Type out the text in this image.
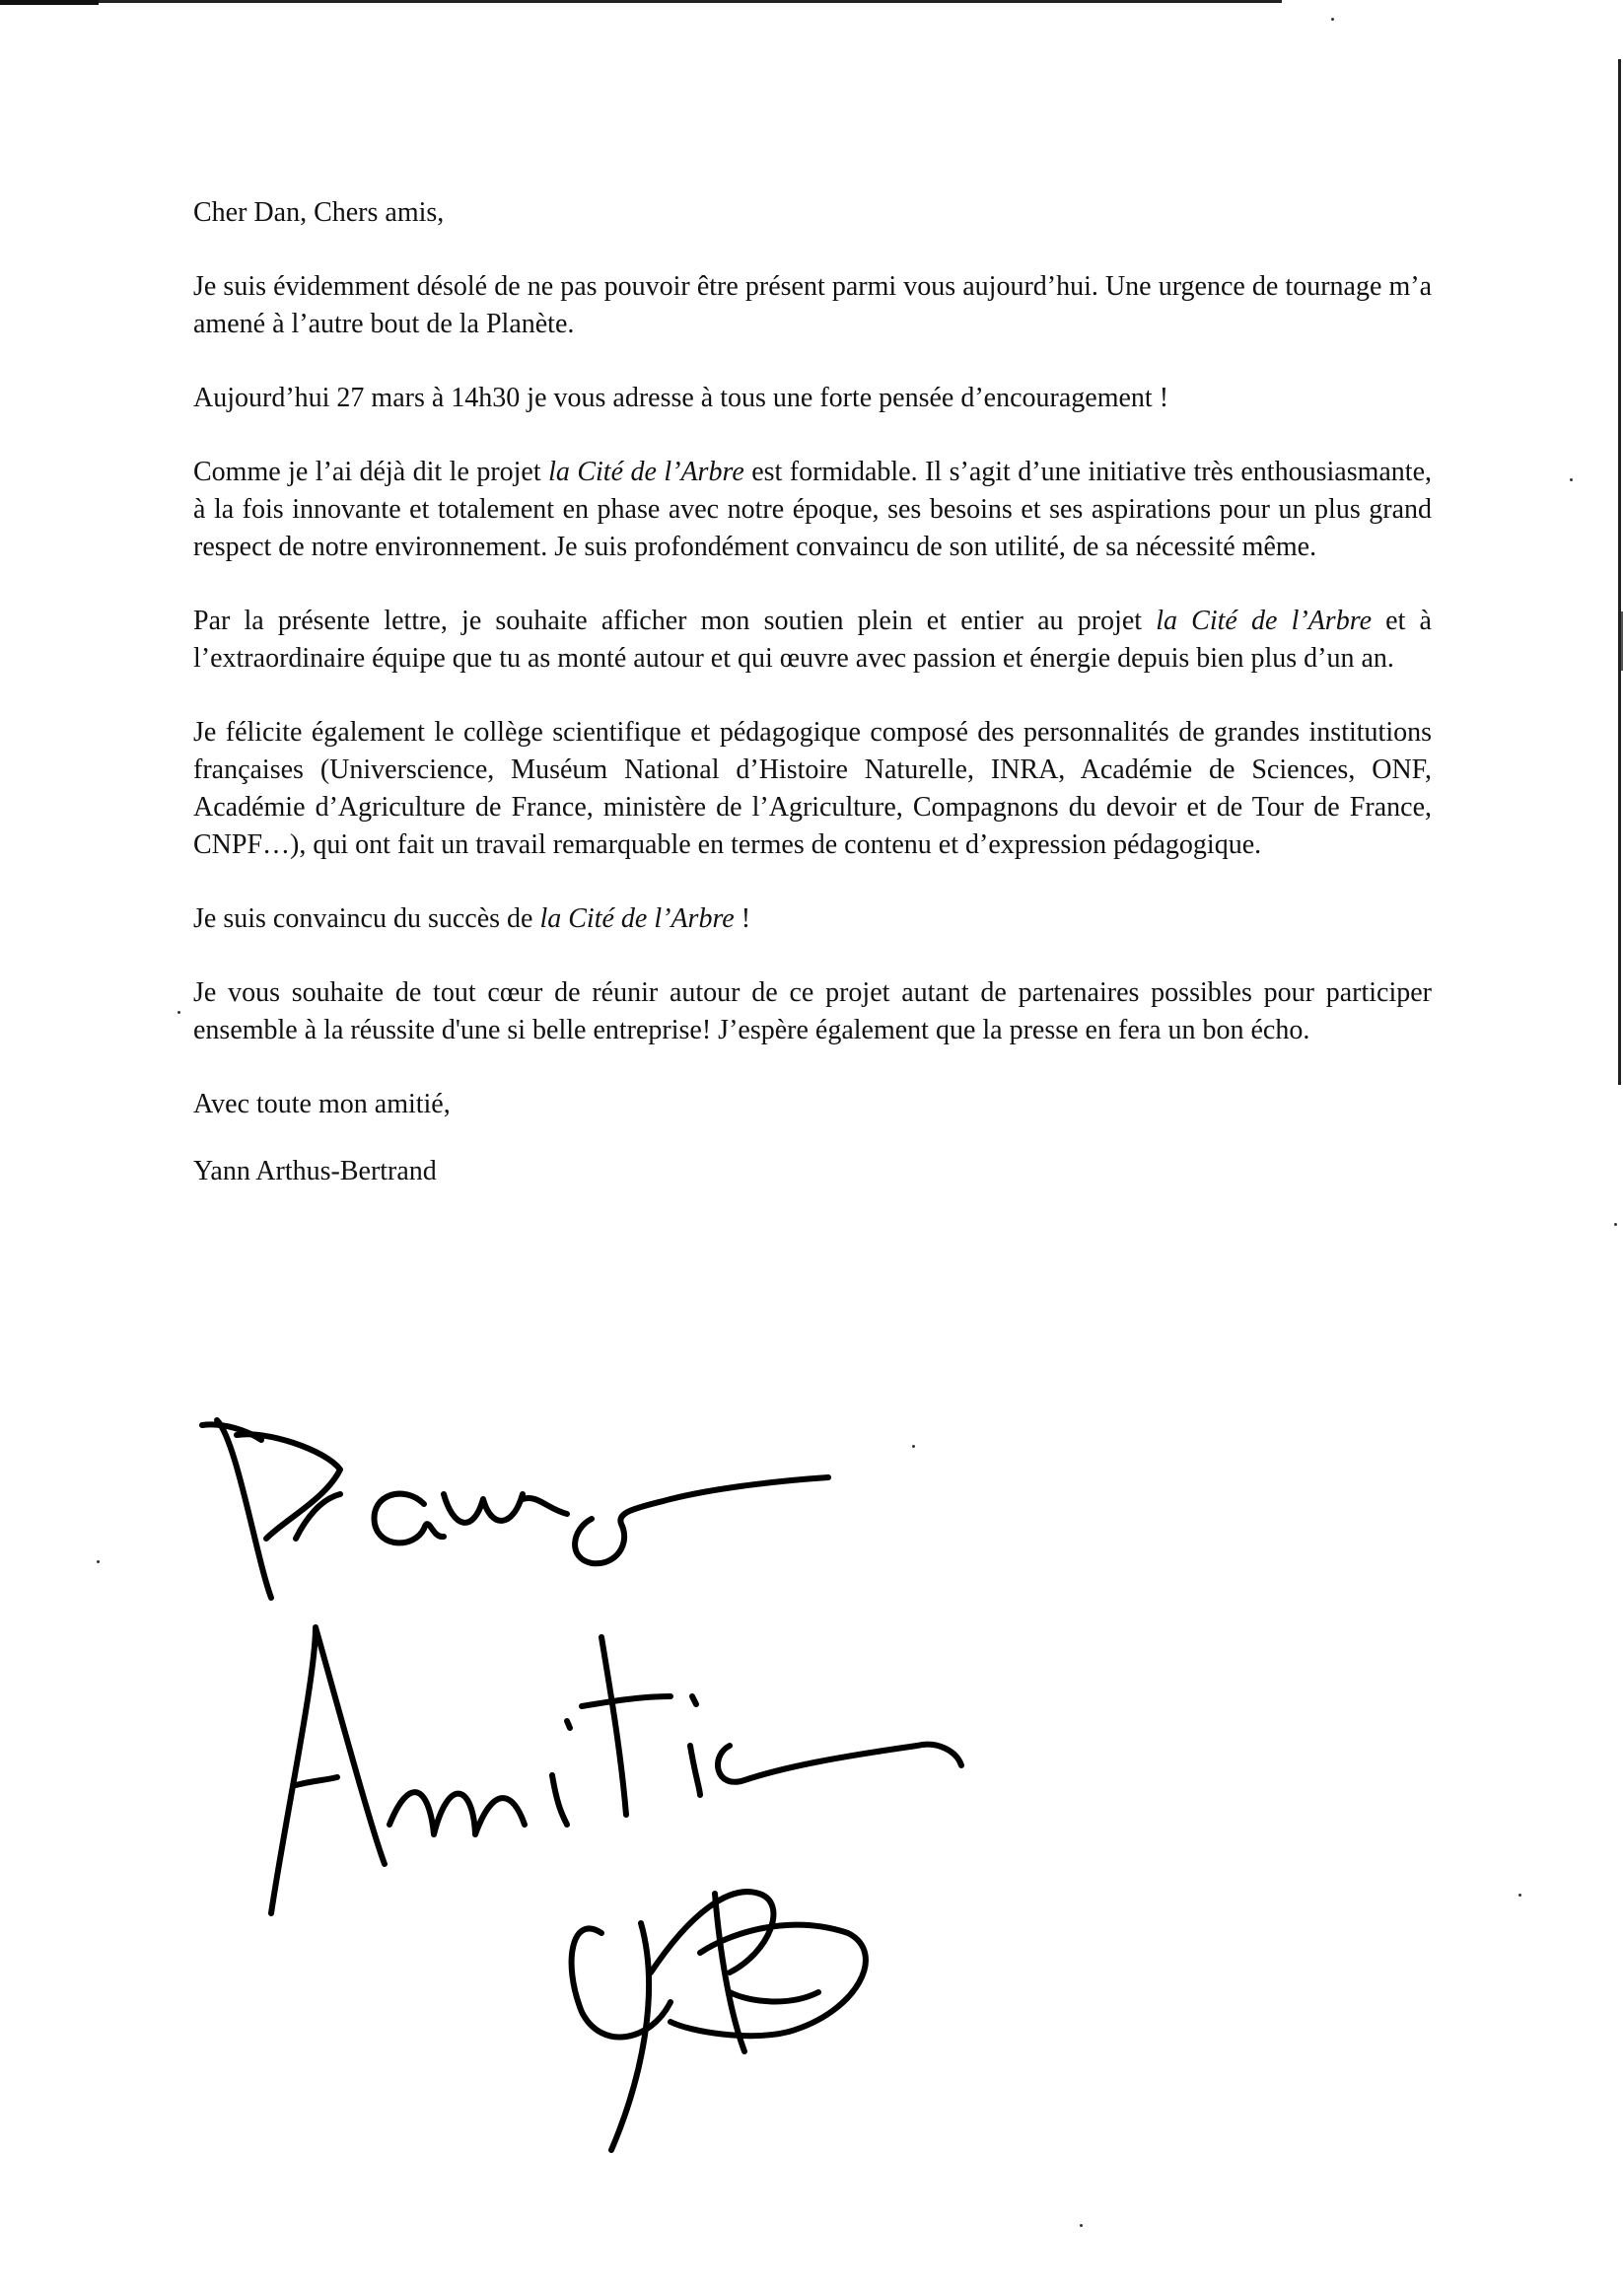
Cher Dan, Chers amis,

Je suis évidemment désolé de ne pas pouvoir être présent parmi vous aujourd’hui. Une urgence de tournage m’a amené à l’autre bout de la Planète.

Aujourd’hui 27 mars à 14h30 je vous adresse à tous une forte pensée d’encouragement !

Comme je l’ai déjà dit le projet la Cité de l’Arbre est formidable. Il s’agit d’une initiative très enthousiasmante, à la fois innovante et totalement en phase avec notre époque, ses besoins et ses aspirations pour un plus grand respect de notre environnement. Je suis profondément convaincu de son utilité, de sa nécessité même.

Par la présente lettre, je souhaite afficher mon soutien plein et entier au projet la Cité de l’Arbre et à l’extraordinaire équipe que tu as monté autour et qui œuvre avec passion et énergie depuis bien plus d’un an.

Je félicite également le collège scientifique et pédagogique composé des personnalités de grandes institutions françaises (Universcience, Muséum National d’Histoire Naturelle, INRA, Académie de Sciences, ONF, Académie d’Agriculture de France, ministère de l’Agriculture, Compagnons du devoir et de Tour de France, CNPF…), qui ont fait un travail remarquable en termes de contenu et d’expression pédagogique.

Je suis convaincu du succès de la Cité de l’Arbre !

Je vous souhaite de tout cœur de réunir autour de ce projet autant de partenaires possibles pour participer ensemble à la réussite d'une si belle entreprise! J’espère également que la presse en fera un bon écho.

Avec toute mon amitié,

Yann Arthus-Bertrand
